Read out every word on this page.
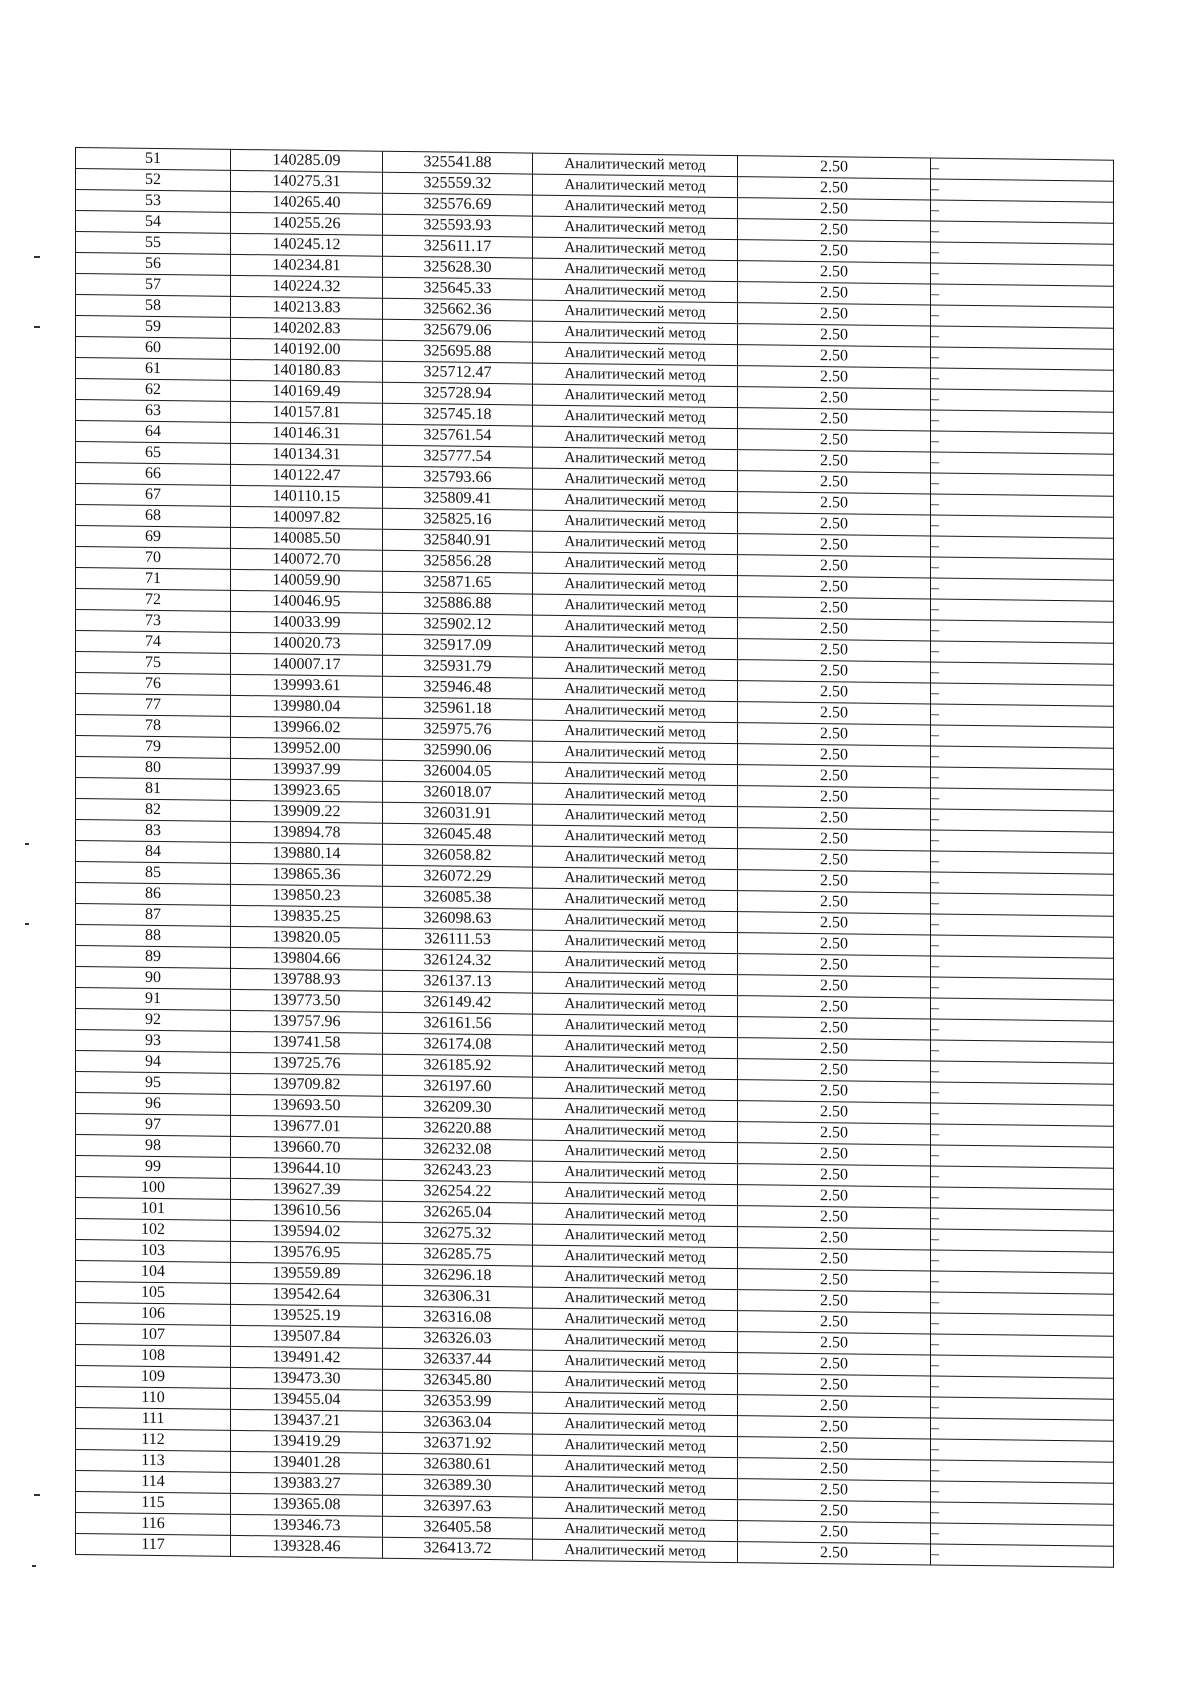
51	140285.09	325541.88	Аналитический метод	2.50	–
52	140275.31	325559.32	Аналитический метод	2.50	–
53	140265.40	325576.69	Аналитический метод	2.50	–
54	140255.26	325593.93	Аналитический метод	2.50	–
55	140245.12	325611.17	Аналитический метод	2.50	–
56	140234.81	325628.30	Аналитический метод	2.50	–
57	140224.32	325645.33	Аналитический метод	2.50	–
58	140213.83	325662.36	Аналитический метод	2.50	–
59	140202.83	325679.06	Аналитический метод	2.50	–
60	140192.00	325695.88	Аналитический метод	2.50	–
61	140180.83	325712.47	Аналитический метод	2.50	–
62	140169.49	325728.94	Аналитический метод	2.50	–
63	140157.81	325745.18	Аналитический метод	2.50	–
64	140146.31	325761.54	Аналитический метод	2.50	–
65	140134.31	325777.54	Аналитический метод	2.50	–
66	140122.47	325793.66	Аналитический метод	2.50	–
67	140110.15	325809.41	Аналитический метод	2.50	–
68	140097.82	325825.16	Аналитический метод	2.50	–
69	140085.50	325840.91	Аналитический метод	2.50	–
70	140072.70	325856.28	Аналитический метод	2.50	–
71	140059.90	325871.65	Аналитический метод	2.50	–
72	140046.95	325886.88	Аналитический метод	2.50	–
73	140033.99	325902.12	Аналитический метод	2.50	–
74	140020.73	325917.09	Аналитический метод	2.50	–
75	140007.17	325931.79	Аналитический метод	2.50	–
76	139993.61	325946.48	Аналитический метод	2.50	–
77	139980.04	325961.18	Аналитический метод	2.50	–
78	139966.02	325975.76	Аналитический метод	2.50	–
79	139952.00	325990.06	Аналитический метод	2.50	–
80	139937.99	326004.05	Аналитический метод	2.50	–
81	139923.65	326018.07	Аналитический метод	2.50	–
82	139909.22	326031.91	Аналитический метод	2.50	–
83	139894.78	326045.48	Аналитический метод	2.50	–
84	139880.14	326058.82	Аналитический метод	2.50	–
85	139865.36	326072.29	Аналитический метод	2.50	–
86	139850.23	326085.38	Аналитический метод	2.50	–
87	139835.25	326098.63	Аналитический метод	2.50	–
88	139820.05	326111.53	Аналитический метод	2.50	–
89	139804.66	326124.32	Аналитический метод	2.50	–
90	139788.93	326137.13	Аналитический метод	2.50	–
91	139773.50	326149.42	Аналитический метод	2.50	–
92	139757.96	326161.56	Аналитический метод	2.50	–
93	139741.58	326174.08	Аналитический метод	2.50	–
94	139725.76	326185.92	Аналитический метод	2.50	–
95	139709.82	326197.60	Аналитический метод	2.50	–
96	139693.50	326209.30	Аналитический метод	2.50	–
97	139677.01	326220.88	Аналитический метод	2.50	–
98	139660.70	326232.08	Аналитический метод	2.50	–
99	139644.10	326243.23	Аналитический метод	2.50	–
100	139627.39	326254.22	Аналитический метод	2.50	–
101	139610.56	326265.04	Аналитический метод	2.50	–
102	139594.02	326275.32	Аналитический метод	2.50	–
103	139576.95	326285.75	Аналитический метод	2.50	–
104	139559.89	326296.18	Аналитический метод	2.50	–
105	139542.64	326306.31	Аналитический метод	2.50	–
106	139525.19	326316.08	Аналитический метод	2.50	–
107	139507.84	326326.03	Аналитический метод	2.50	–
108	139491.42	326337.44	Аналитический метод	2.50	–
109	139473.30	326345.80	Аналитический метод	2.50	–
110	139455.04	326353.99	Аналитический метод	2.50	–
111	139437.21	326363.04	Аналитический метод	2.50	–
112	139419.29	326371.92	Аналитический метод	2.50	–
113	139401.28	326380.61	Аналитический метод	2.50	–
114	139383.27	326389.30	Аналитический метод	2.50	–
115	139365.08	326397.63	Аналитический метод	2.50	–
116	139346.73	326405.58	Аналитический метод	2.50	–
117	139328.46	326413.72	Аналитический метод	2.50	–
